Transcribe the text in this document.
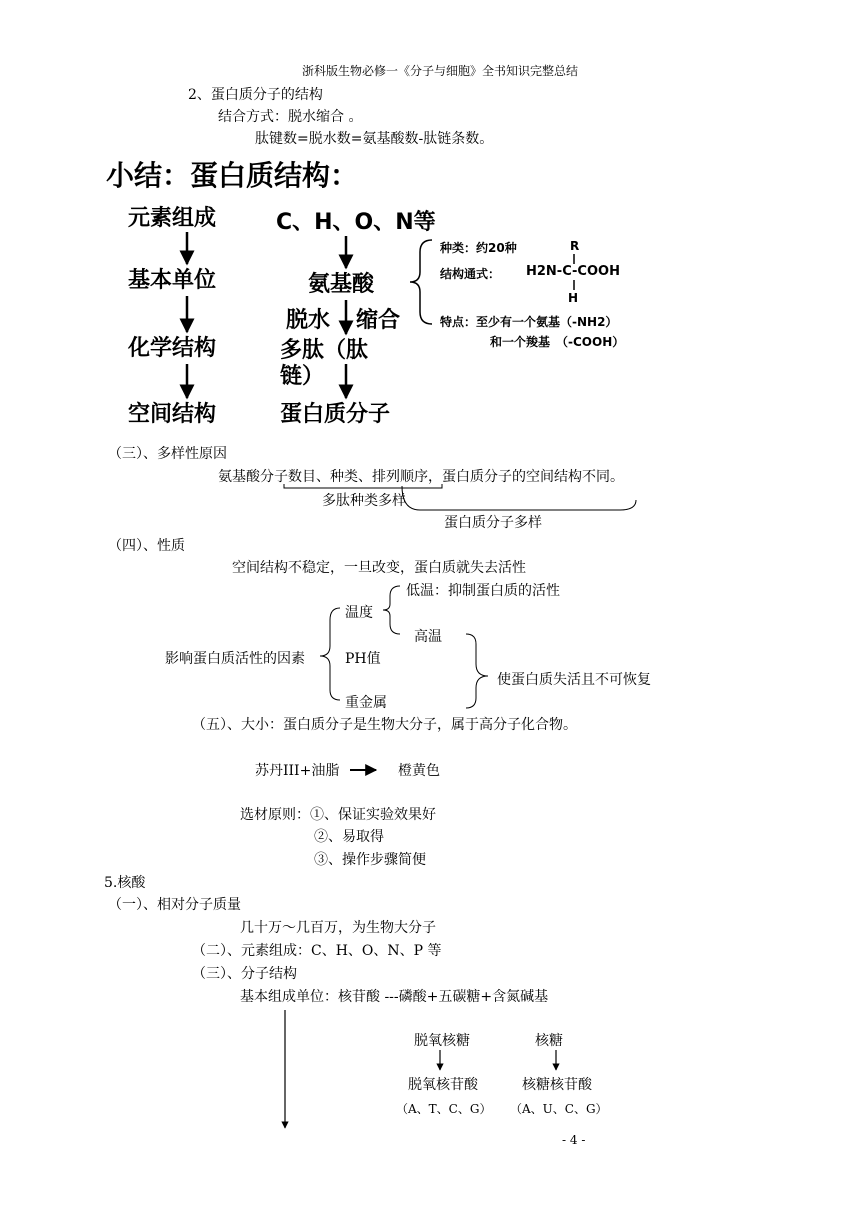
浙科版生物必修一《分子与细胞》全书知识完整总结
2、蛋白质分子的结构
结合方式：脱水缩合 。
肽键数=脱水数=氨基酸数-肽链条数。
小结：蛋白质结构：
元素组成
基本单位
化学结构
空间结构
C、H、O、N等
氨基酸
脱水 缩合
多肽（肽
链）
蛋白质分子
种类：约20种	R
结构通式： H2N-C-COOH
H
特点：至少有一个氨基（-NH2）
和一个羧基　（-COOH）
（三）、多样性原因
氨基酸分子数目、种类、排列顺序，蛋白质分子的空间结构不同。
多肽种类多样
蛋白质分子多样
（四）、性质
空间结构不稳定，一旦改变，蛋白质就失去活性
低温：抑制蛋白质的活性
温度
高温
影响蛋白质活性的因素	PH值
使蛋白质失活且不可恢复
重金属
（五）、大小：蛋白质分子是生物大分子，属于高分子化合物。
苏丹III+油脂	橙黄色
选材原则：①、保证实验效果好
②、易取得
③、操作步骤简便
5.核酸
（一）、相对分子质量
几十万～几百万，为生物大分子
（二）、元素组成：C、H、O、N、P 等
（三）、分子结构
基本组成单位：核苷酸 ---磷酸+五碳糖+含氮碱基
脱氧核糖	核糖
脱氧核苷酸	核糖核苷酸
（A、T、C、G） （A、U、C、G）
- 4 -
